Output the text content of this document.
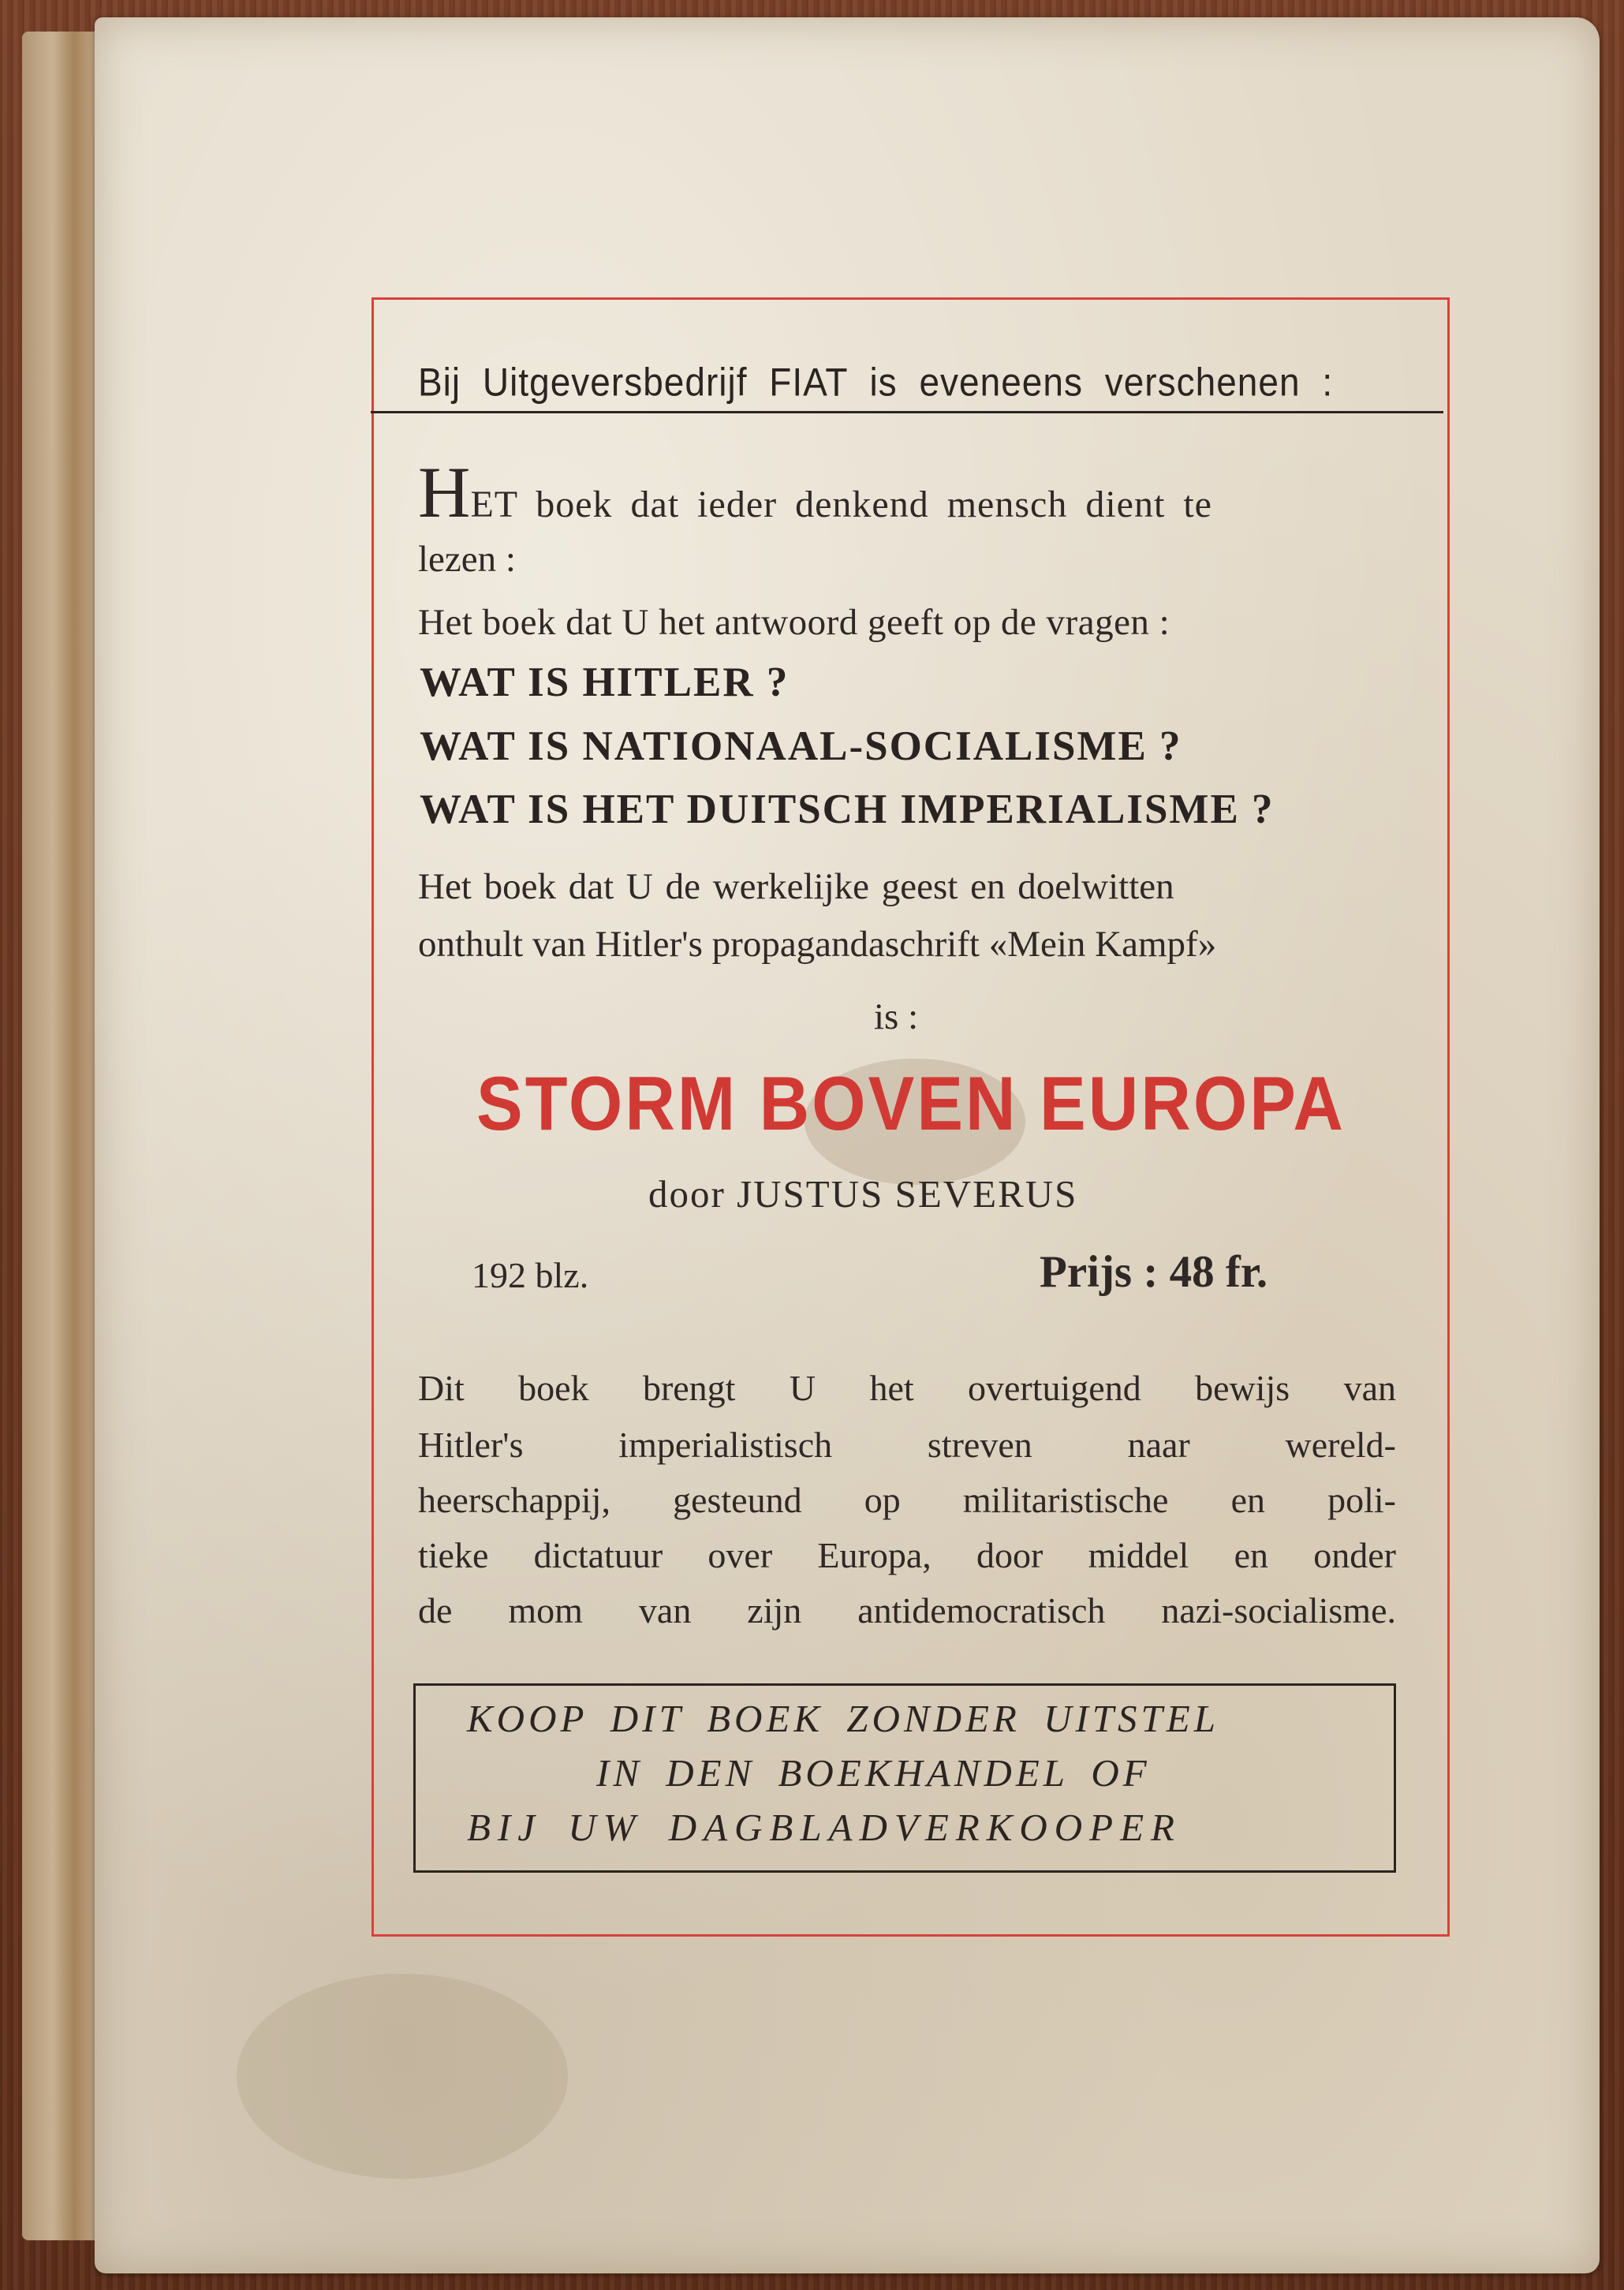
Bij Uitgeversbedrijf FIAT is eveneens verschenen :
HET boek dat ieder denkend mensch dient te
lezen :
Het boek dat U het antwoord geeft op de vragen :
WAT IS HITLER ?
WAT IS NATIONAAL-SOCIALISME ?
WAT IS HET DUITSCH IMPERIALISME ?
Het boek dat U de werkelijke geest en doelwitten
onthult van Hitler's propagandaschrift «Mein Kampf»
is :
STORM BOVEN EUROPA
door JUSTUS SEVERUS
192 blz.	Prijs : 48 fr.
Dit boek brengt U het overtuigend bewijs van
Hitler's imperialistisch streven naar wereld-
heerschappij, gesteund op militaristische en poli-
tieke dictatuur over Europa, door middel en onder
de mom van zijn antidemocratisch nazi-socialisme.
KOOP DIT BOEK ZONDER UITSTEL
IN DEN BOEKHANDEL OF
BIJ UW DAGBLADVERKOOPER
